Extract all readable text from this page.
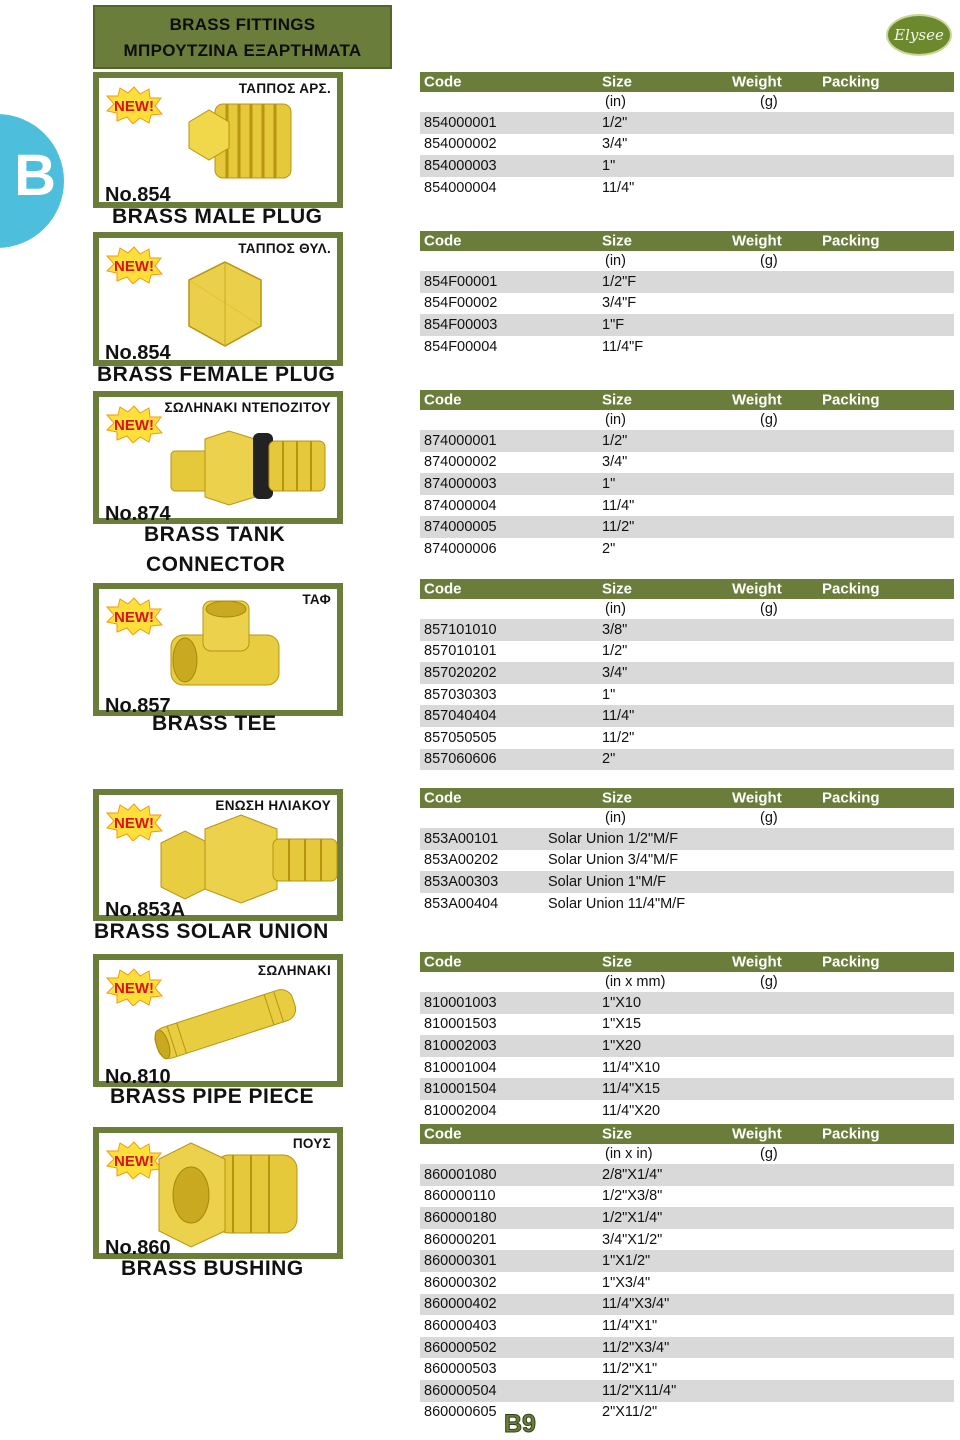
B
BRASS FITTINGS
ΜΠΡΟΥΤΖΙΝΑ ΕΞΑΡΤΗΜΑΤΑ
Elysee
ΤΑΠΠΟΣ ΑΡΣ.
NEW!
No.854
BRASS MALE PLUG
ΤΑΠΠΟΣ ΘΥΛ.
NEW!
No.854
BRASS FEMALE PLUG
ΣΩΛΗΝΑΚΙ ΝΤΕΠΟΖΙΤΟΥ
NEW!
No.874
BRASS TANK
CONNECTOR
ΤΑΦ
NEW!
No.857
BRASS TEE
ΕΝΩΣΗ ΗΛΙΑΚΟΥ
NEW!
No.853A
BRASS SOLAR UNION
ΣΩΛΗΝΑΚΙ
NEW!
No.810
BRASS PIPE PIECE
ΠΟΥΣ
NEW!
No.860
BRASS BUSHING
Code	Size	Weight	Packing
(in)	(g)
854000001	1/2"
854000002	3/4"
854000003	1"
854000004	11/4"
Code	Size	Weight	Packing
(in)	(g)
854F00001	1/2"F
854F00002	3/4"F
854F00003	1"F
854F00004	11/4"F
Code	Size	Weight	Packing
(in)	(g)
874000001	1/2"
874000002	3/4"
874000003	1"
874000004	11/4"
874000005	11/2"
874000006	2"
Code	Size	Weight	Packing
(in)	(g)
857101010	3/8"
857010101	1/2"
857020202	3/4"
857030303	1"
857040404	11/4"
857050505	11/2"
857060606	2"
Code	Size	Weight	Packing
(in)	(g)
853A00101	Solar Union 1/2"M/F
853A00202	Solar Union 3/4"M/F
853A00303	Solar Union 1"M/F
853A00404	Solar Union 11/4"M/F
Code	Size	Weight	Packing
(in x mm)	(g)
810001003	1"X10
810001503	1"X15
810002003	1"X20
810001004	11/4"X10
810001504	11/4"X15
810002004	11/4"X20
Code	Size	Weight	Packing
(in x in)	(g)
860001080	2/8"X1/4"
860000110	1/2"X3/8"
860000180	1/2"X1/4"
860000201	3/4"X1/2"
860000301	1"X1/2"
860000302	1"X3/4"
860000402	11/4"X3/4"
860000403	11/4"X1"
860000502	11/2"X3/4"
860000503	11/2"X1"
860000504	11/2"X11/4"
860000605	2"X11/2"
B9
